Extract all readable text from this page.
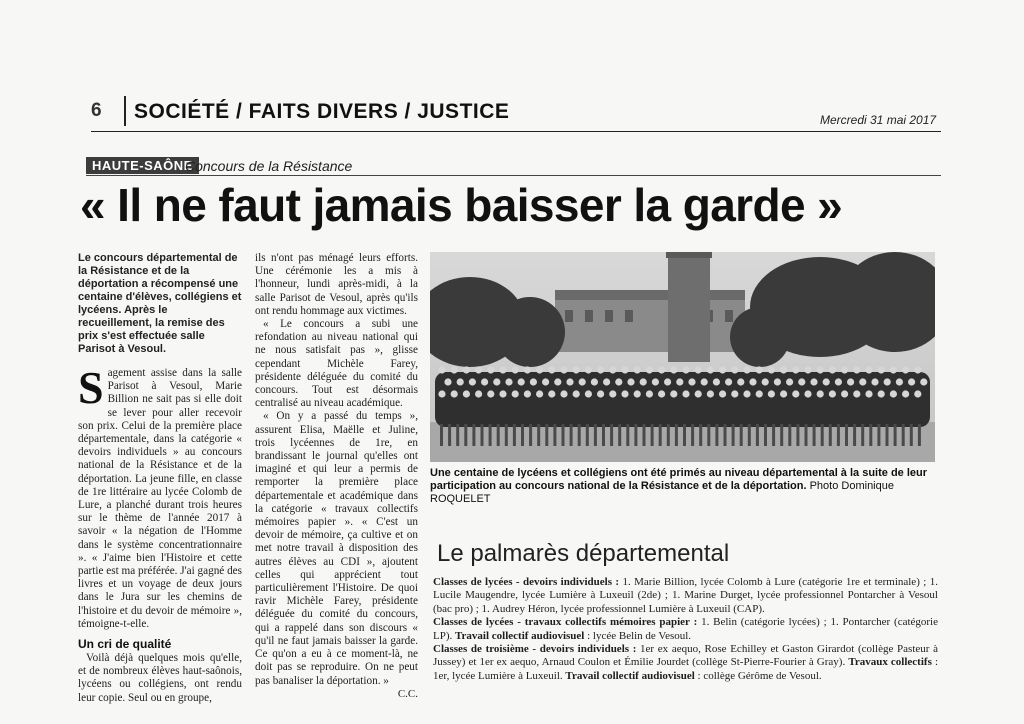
6 SOCIÉTÉ / FAITS DIVERS / JUSTICE	Mercredi 31 mai 2017
HAUTE-SAÔNE
Concours de la Résistance
« Il ne faut jamais baisser la garde »
Le concours départemental de la Résistance et de la déportation a récompensé une centaine d'élèves, collégiens et lycéens. Après le recueillement, la remise des prix s'est effectuée salle Parisot à Vesoul.

Sagement assise dans la salle Parisot à Vesoul, Marie Billion ne sait pas si elle doit se lever pour aller recevoir son prix. Celui de la première place départementale, dans la catégorie « devoirs individuels » au concours national de la Résistance et de la déportation. La jeune fille, en classe de 1re littéraire au lycée Colomb de Lure, a planché durant trois heures sur le thème de l'année 2017 à savoir « la négation de l'Homme dans le système concentrationnaire ». « J'aime bien l'Histoire et cette partie est ma préférée. J'ai gagné des livres et un voyage de deux jours dans le Jura sur les chemins de l'histoire et du devoir de mémoire », témoigne-t-elle.

Un cri de qualité

Voilà déjà quelques mois qu'elle, et de nombreux élèves haut-saônois, lycéens ou collégiens, ont rendu leur copie. Seul ou en groupe,

ils n'ont pas ménagé leurs efforts. Une cérémonie les a mis à l'honneur, lundi après-midi, à la salle Parisot de Vesoul, après qu'ils ont rendu hommage aux victimes.

« Le concours a subi une refondation au niveau national qui ne nous satisfait pas », glisse cependant Michèle Farey, présidente déléguée du comité du concours. Tout est désormais centralisé au niveau académique.

« On y a passé du temps », assurent Elisa, Maëlle et Juline, trois lycéennes de 1re, en brandissant le journal qu'elles ont imaginé et qui leur a permis de remporter la première place départementale et académique dans la catégorie « travaux collectifs mémoires papier ». « C'est un devoir de mémoire, ça cultive et on met notre travail à disposition des autres élèves au CDI », ajoutent celles qui apprécient tout particulièrement l'Histoire. De quoi ravir Michèle Farey, présidente déléguée du comité du concours, qui a rappelé dans son discours « qu'il ne faut jamais baisser la garde. Ce qu'on a eu à ce moment-là, ne doit pas se reproduire. On ne peut pas banaliser la déportation. »

C.C.
Une centaine de lycéens et collégiens ont été primés au niveau départemental à la suite de leur participation au concours national de la Résistance et de la déportation. Photo Dominique ROQUELET
Le palmarès départemental

Classes de lycées - devoirs individuels : 1. Marie Billion, lycée Colomb à Lure (catégorie 1re et terminale) ; 1. Lucile Maugendre, lycée Lumière à Luxeuil (2de) ; 1. Marine Durget, lycée professionnel Pontarcher à Vesoul (bac pro) ; 1. Audrey Héron, lycée professionnel Lumière à Luxeuil (CAP).

Classes de lycées - travaux collectifs mémoires papier : 1. Belin (catégorie lycées) ; 1. Pontarcher (catégorie LP). Travail collectif audiovisuel : lycée Belin de Vesoul.

Classes de troisième - devoirs individuels : 1er ex aequo, Rose Echilley et Gaston Girardot (collège Pasteur à Jussey) et 1er ex aequo, Arnaud Coulon et Émilie Jourdet (collège St-Pierre-Fourier à Gray). Travaux collectifs : 1er, lycée Lumière à Luxeuil. Travail collectif audiovisuel : collège Gérôme de Vesoul.
